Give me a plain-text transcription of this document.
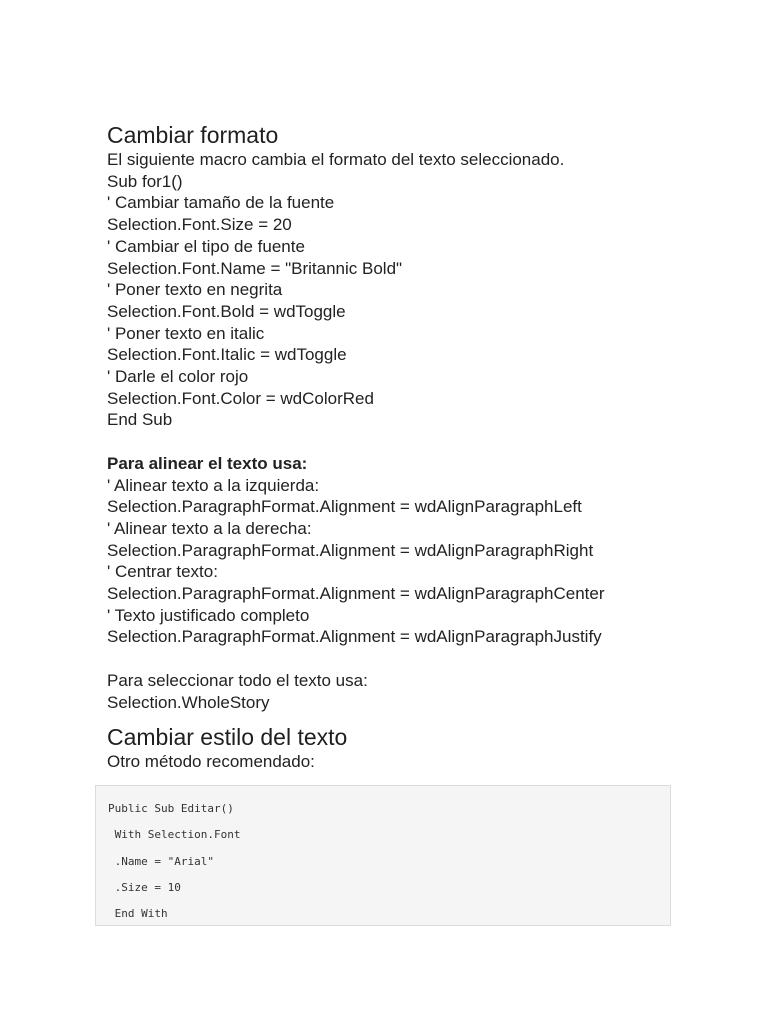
Cambiar formato

El siguiente macro cambia el formato del texto seleccionado.

Sub for1()

' Cambiar tamaño de la fuente

Selection.Font.Size = 20

' Cambiar el tipo de fuente

Selection.Font.Name = "Britannic Bold"

' Poner texto en negrita

Selection.Font.Bold = wdToggle

' Poner texto en italic

Selection.Font.Italic = wdToggle

' Darle el color rojo

Selection.Font.Color = wdColorRed

End Sub

Para alinear el texto usa:

' Alinear texto a la izquierda:

Selection.ParagraphFormat.Alignment = wdAlignParagraphLeft

' Alinear texto a la derecha:

Selection.ParagraphFormat.Alignment = wdAlignParagraphRight

' Centrar texto:

Selection.ParagraphFormat.Alignment = wdAlignParagraphCenter

' Texto justificado completo

Selection.ParagraphFormat.Alignment = wdAlignParagraphJustify

Para seleccionar todo el texto usa:

Selection.WholeStory

Cambiar estilo del texto

Otro método recomendado:

Public Sub Editar()

With Selection.Font

.Name = "Arial"

.Size = 10

End With
